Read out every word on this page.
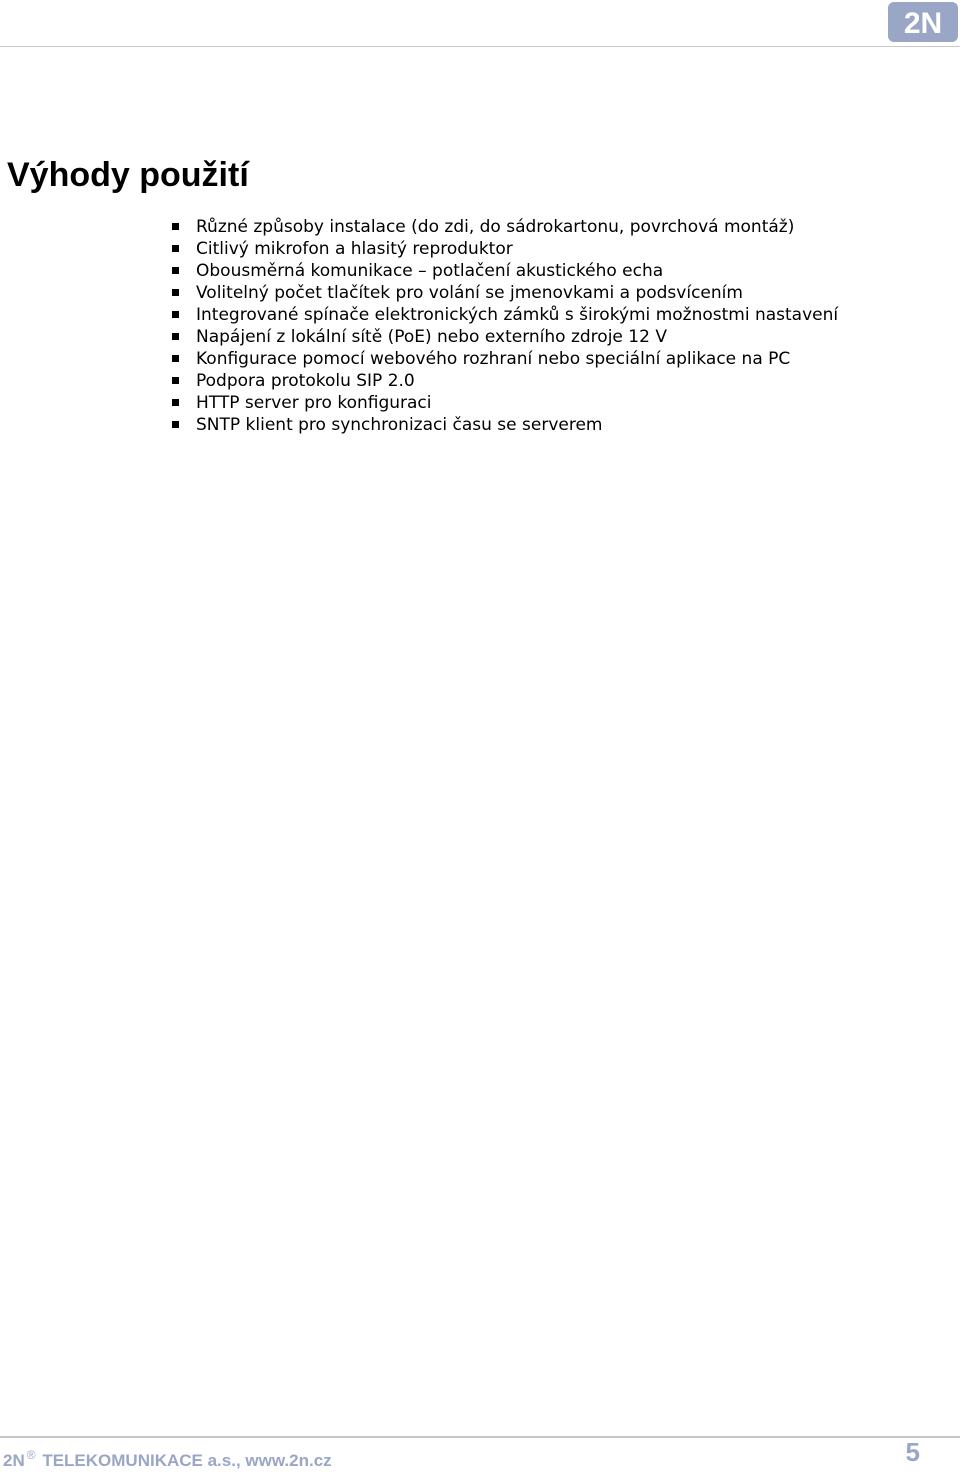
2N
Výhody použití
Různé způsoby instalace (do zdi, do sádrokartonu, povrchová montáž)
Citlivý mikrofon a hlasitý reproduktor
Obousměrná komunikace – potlačení akustického echa
Volitelný počet tlačítek pro volání se jmenovkami a podsvícením
Integrované spínače elektronických zámků s širokými možnostmi nastavení
Napájení z lokální sítě (PoE) nebo externího zdroje 12 V
Konfigurace pomocí webového rozhraní nebo speciální aplikace na PC
Podpora protokolu SIP 2.0
HTTP server pro konfiguraci
SNTP klient pro synchronizaci času se serverem
2N ® TELEKOMUNIKACE a.s., www.2n.cz	5
